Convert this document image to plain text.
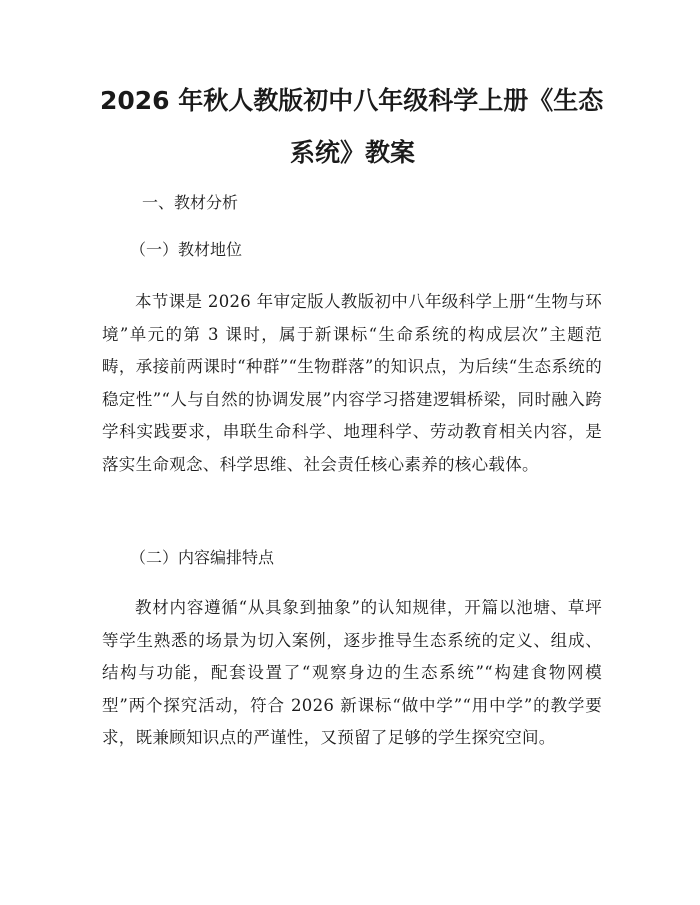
2026 年秋人教版初中八年级科学上册《生态
系统》教案

一、教材分析

（一）教材地位

本节课是 2026 年审定版人教版初中八年级科学上册“生物与环境”单元的第 3 课时，属于新课标“生命系统的构成层次”主题范畴，承接前两课时“种群”“生物群落”的知识点，为后续“生态系统的稳定性”“人与自然的协调发展”内容学习搭建逻辑桥梁，同时融入跨学科实践要求，串联生命科学、地理科学、劳动教育相关内容，是落实生命观念、科学思维、社会责任核心素养的核心载体。

（二）内容编排特点

教材内容遵循“从具象到抽象”的认知规律，开篇以池塘、草坪等学生熟悉的场景为切入案例，逐步推导生态系统的定义、组成、结构与功能，配套设置了“观察身边的生态系统”“构建食物网模型”两个探究活动，符合 2026 新课标“做中学”“用中学”的教学要求，既兼顾知识点的严谨性，又预留了足够的学生探究空间。
